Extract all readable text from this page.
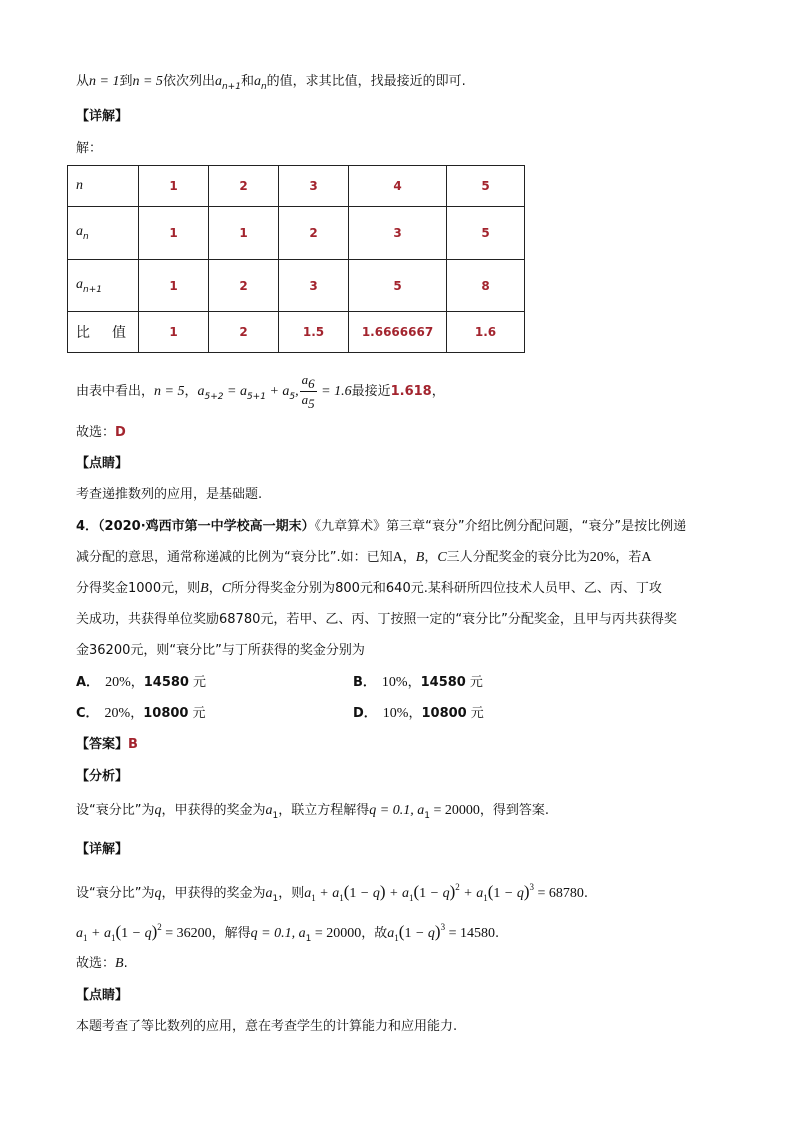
从n = 1到n = 5依次列出$a_{n+1}$和$a_n$的值，求其比值，找最接近的即可.
【详解】
解：
n	1	2	3	4	5
$a_n$	1	1	2	3	5
$a_{n+1}$	1	2	3	5	8
比 值	1	2	1.5	1.6666667	1.6
由表中看出，n = 5，$a_{5+2} = a_{5+1} + a_5$, $\frac{a6}{a5} = 1.6$最接近1.618，
故选：D
【点睛】
考查递推数列的应用，是基础题.
4．（2020·鸡西市第一中学校高一期末）《九章算术》第三章“衰分”介绍比例分配问题，“衰分”是按比例递
减分配的意思，通常称递减的比例为“衰分比”.如：已知A，B，C三人分配奖金的衰分比为20%，若A
分得奖金1000元，则B，C所分得奖金分别为800元和640元.某科研所四位技术人员甲、乙、丙、丁攻
关成功，共获得单位奖励68780元，若甲、乙、丙、丁按照一定的“衰分比”分配奖金，且甲与丙共获得奖
金36200元，则“衰分比”与丁所获得的奖金分别为
A． 20%，14580 元	B． 10%，14580 元
C． 20%，10800 元	D． 10%，10800 元
【答案】B
【分析】
设“衰分比”为q，甲获得的奖金为$a_1$，联立方程解得q = 0.1, $a_1 = 20000$，得到答案.
【详解】
设“衰分比”为q，甲获得的奖金为$a_1$，则$a_1 + a_1(1 - q) + a_1(1 - q)^2 + a_1(1 - q)^3 = 68780$.
$a_1 + a_1(1 - q)^2 = 36200$，解得q = 0.1, $a_1 = 20000$，故$a_1(1 - q)^3 = 14580$.
故选：B.
【点睛】
本题考查了等比数列的应用，意在考查学生的计算能力和应用能力.
